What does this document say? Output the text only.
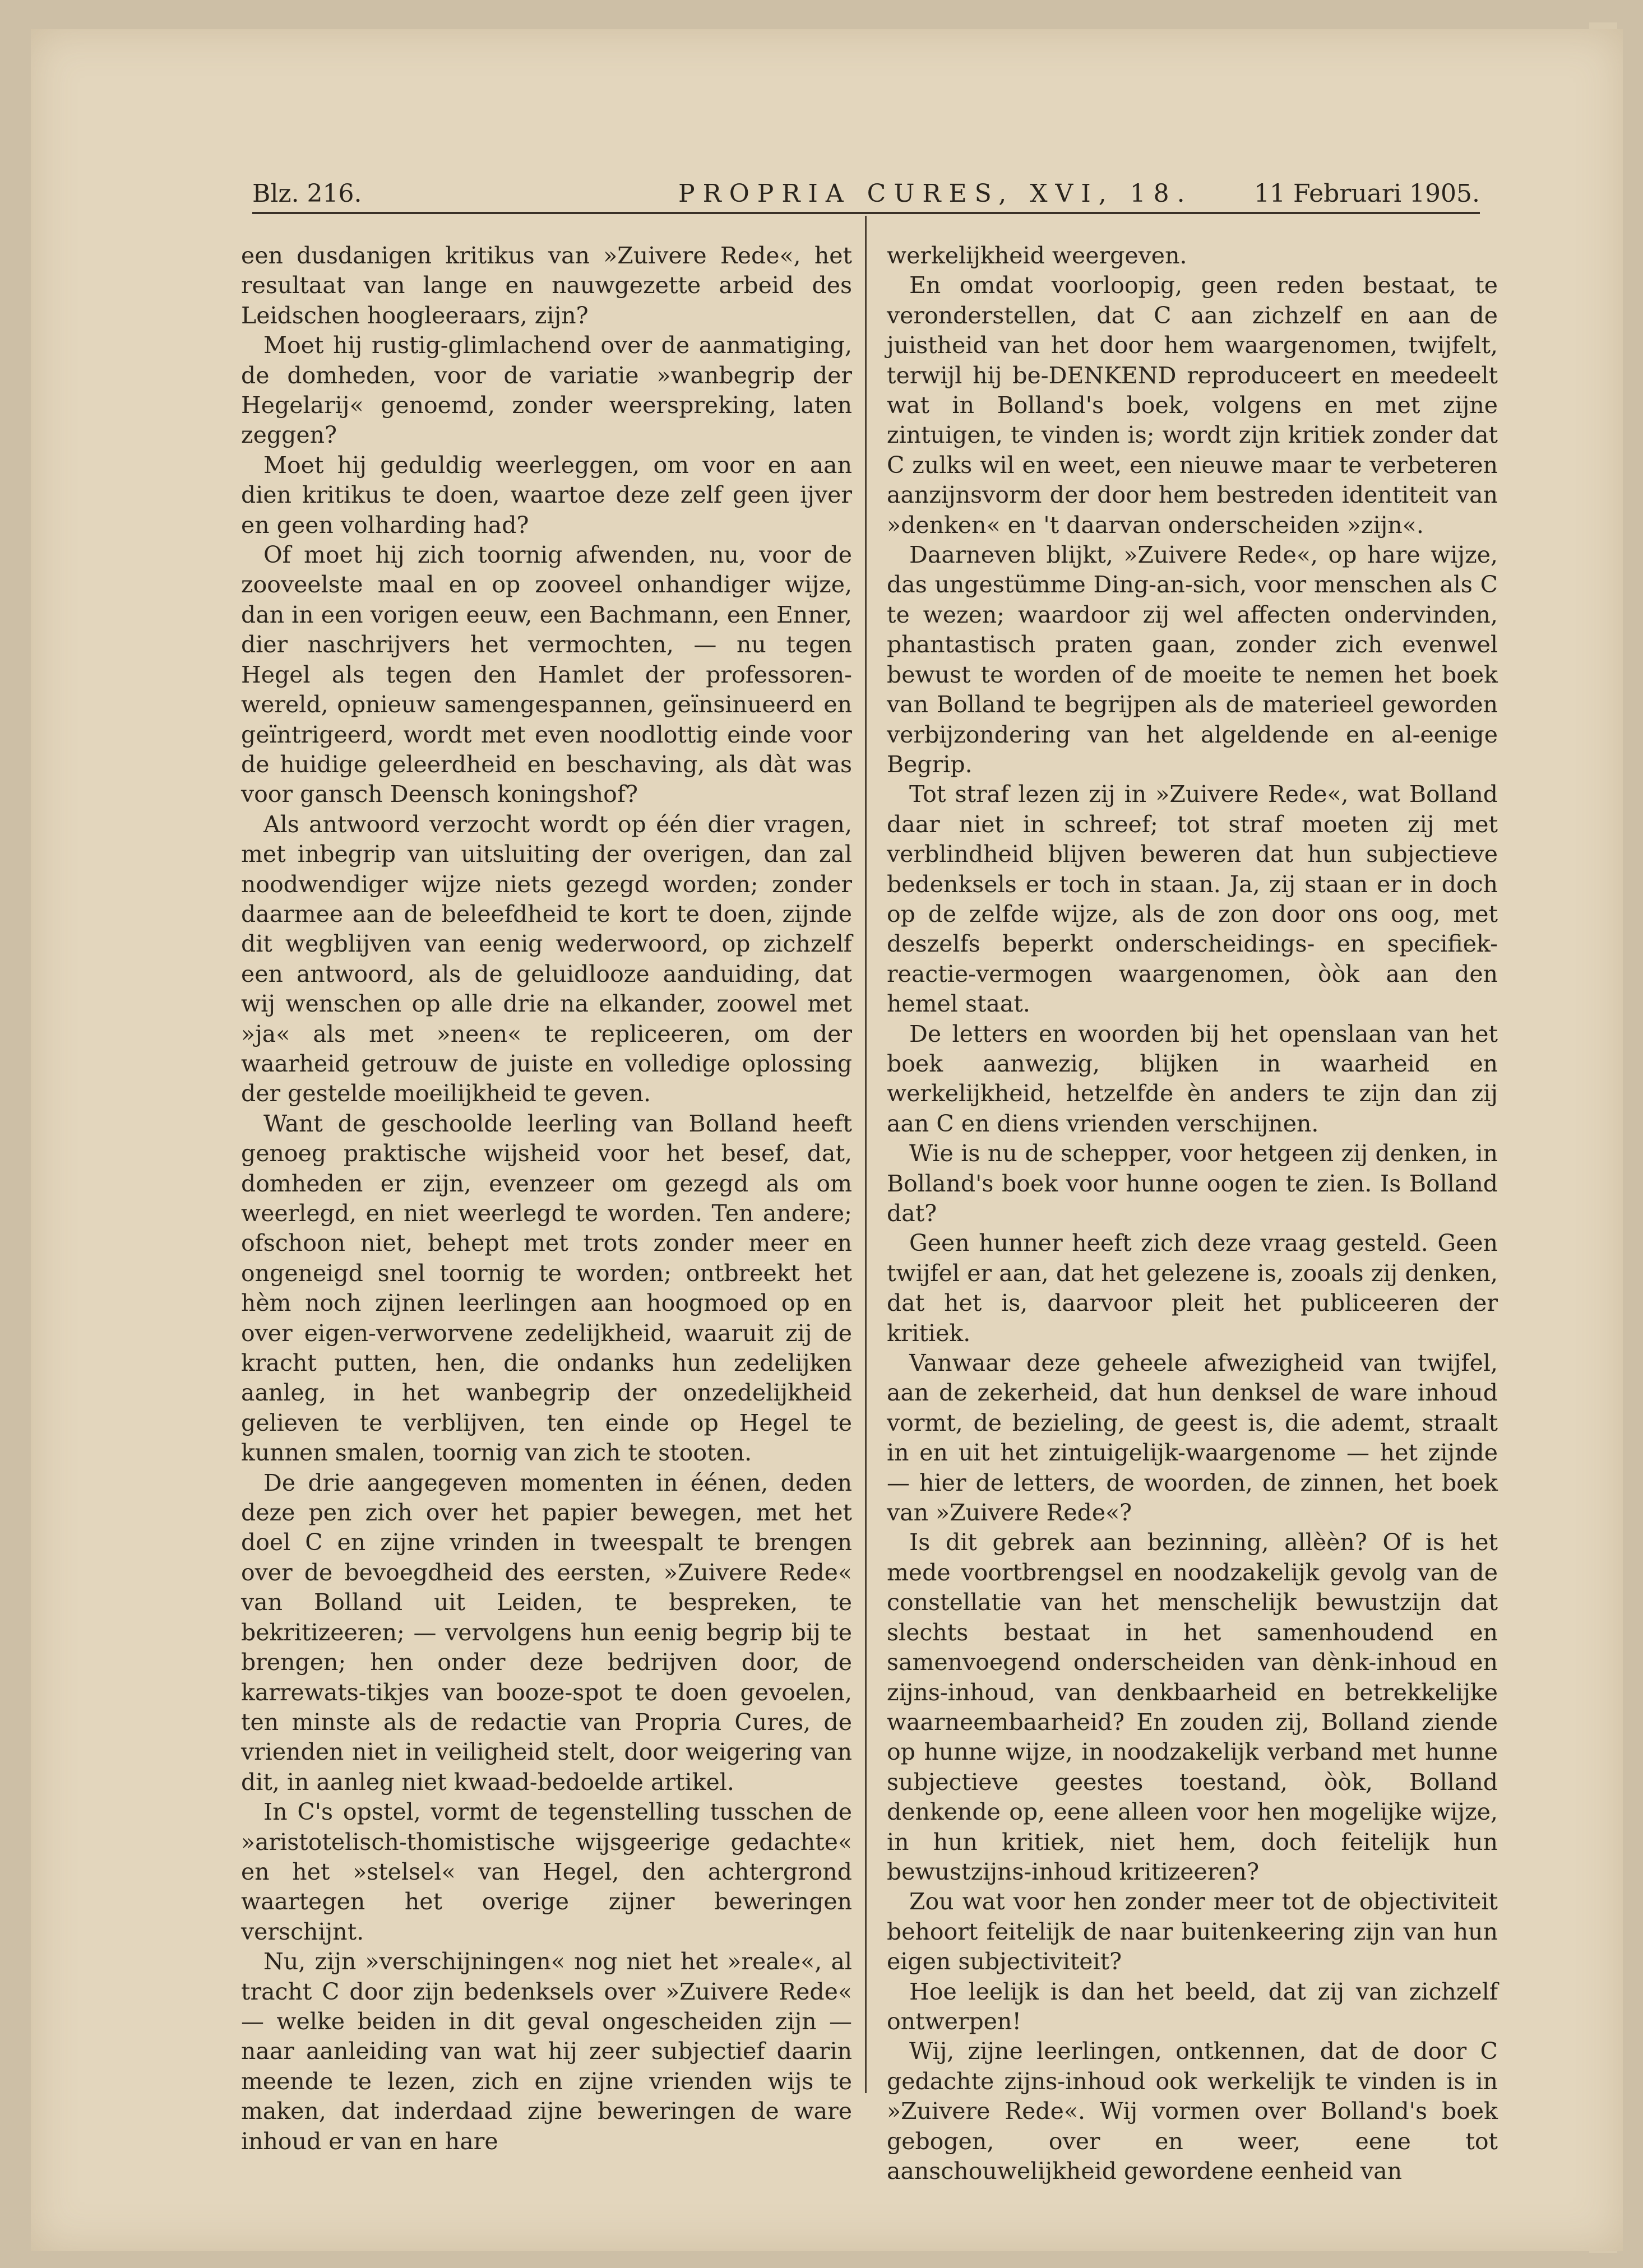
Blz. 216.	PROPRIA CURES, XVI, 18. 11 Februari 1905.

een dusdanigen kritikus van »Zuivere Rede«, het resultaat van lange en nauwgezette arbeid des Leidschen hoogleeraars, zijn?

Moet hij rustig-glimlachend over de aanmatiging, de domheden, voor de variatie »wanbegrip der Hegelarij« genoemd, zonder weerspreking, laten zeggen?

Moet hij geduldig weerleggen, om voor en aan dien kritikus te doen, waartoe deze zelf geen ijver en geen volharding had?

Of moet hij zich toornig afwenden, nu, voor de zooveelste maal en op zooveel onhandiger wijze, dan in een vorigen eeuw, een Bachmann, een Enner, dier naschrijvers het vermochten, — nu tegen Hegel als tegen den Hamlet der professoren-wereld, opnieuw samengespannen, geïnsinueerd en geïntrigeerd, wordt met even noodlottig einde voor de huidige geleerdheid en beschaving, als dàt was voor gansch Deensch koningshof?

Als antwoord verzocht wordt op één dier vragen, met inbegrip van uitsluiting der overigen, dan zal noodwendiger wijze niets gezegd worden; zonder daarmee aan de beleefdheid te kort te doen, zijnde dit wegblijven van eenig wederwoord, op zichzelf een antwoord, als de geluidlooze aanduiding, dat wij wenschen op alle drie na elkander, zoowel met »ja« als met »neen« te repliceeren, om der waarheid getrouw de juiste en volledige oplossing der gestelde moeilijkheid te geven.

Want de geschoolde leerling van Bolland heeft genoeg praktische wijsheid voor het besef, dat, domheden er zijn, evenzeer om gezegd als om weerlegd, en niet weerlegd te worden. Ten andere; ofschoon niet, behept met trots zonder meer en ongeneigd snel toornig te worden; ontbreekt het hèm noch zijnen leerlingen aan hoogmoed op en over eigen-verworvene zedelijkheid, waaruit zij de kracht putten, hen, die ondanks hun zedelijken aanleg, in het wanbegrip der onzedelijkheid gelieven te verblijven, ten einde op Hegel te kunnen smalen, toornig van zich te stooten.

De drie aangegeven momenten in éénen, deden deze pen zich over het papier bewegen, met het doel C en zijne vrinden in tweespalt te brengen over de bevoegdheid des eersten, »Zuivere Rede« van Bolland uit Leiden, te bespreken, te bekritizeeren; — vervolgens hun eenig begrip bij te brengen; hen onder deze bedrijven door, de karrewats-tikjes van booze-spot te doen gevoelen, ten minste als de redactie van Propria Cures, de vrienden niet in veiligheid stelt, door weigering van dit, in aanleg niet kwaad-bedoelde artikel.

In C's opstel, vormt de tegenstelling tusschen de »aristotelisch-thomistische wijsgeerige gedachte« en het »stelsel« van Hegel, den achtergrond waartegen het overige zijner beweringen verschijnt.

Nu, zijn »verschijningen« nog niet het »reale«, al tracht C door zijn bedenksels over »Zuivere Rede« — welke beiden in dit geval ongescheiden zijn — naar aanleiding van wat hij zeer subjectief daarin meende te lezen, zich en zijne vrienden wijs te maken, dat inderdaad zijne beweringen de ware inhoud er van en hare

werkelijkheid weergeven.

En omdat voorloopig, geen reden bestaat, te veronderstellen, dat C aan zichzelf en aan de juistheid van het door hem waargenomen, twijfelt, terwijl hij be-DENKEND reproduceert en meedeelt wat in Bolland's boek, volgens en met zijne zintuigen, te vinden is; wordt zijn kritiek zonder dat C zulks wil en weet, een nieuwe maar te verbeteren aanzijnsvorm der door hem bestreden identiteit van »denken« en 't daarvan onderscheiden »zijn«.

Daarneven blijkt, »Zuivere Rede«, op hare wijze, das ungestümme Ding-an-sich, voor menschen als C te wezen; waardoor zij wel affecten ondervinden, phantastisch praten gaan, zonder zich evenwel bewust te worden of de moeite te nemen het boek van Bolland te begrijpen als de materieel geworden verbijzondering van het algeldende en al-eenige Begrip.

Tot straf lezen zij in »Zuivere Rede«, wat Bolland daar niet in schreef; tot straf moeten zij met verblindheid blijven beweren dat hun subjectieve bedenksels er toch in staan. Ja, zij staan er in doch op de zelfde wijze, als de zon door ons oog, met deszelfs beperkt onderscheidings- en specifiek-reactie-vermogen waargenomen, òòk aan den hemel staat.

De letters en woorden bij het openslaan van het boek aanwezig, blijken in waarheid en werkelijkheid, hetzelfde èn anders te zijn dan zij aan C en diens vrienden verschijnen.

Wie is nu de schepper, voor hetgeen zij denken, in Bolland's boek voor hunne oogen te zien. Is Bolland dat?

Geen hunner heeft zich deze vraag gesteld. Geen twijfel er aan, dat het gelezene is, zooals zij denken, dat het is, daarvoor pleit het publiceeren der kritiek.

Vanwaar deze geheele afwezigheid van twijfel, aan de zekerheid, dat hun denksel de ware inhoud vormt, de bezieling, de geest is, die ademt, straalt in en uit het zintuigelijk-waargenome — het zijnde — hier de letters, de woorden, de zinnen, het boek van »Zuivere Rede«?

Is dit gebrek aan bezinning, allèèn? Of is het mede voortbrengsel en noodzakelijk gevolg van de constellatie van het menschelijk bewustzijn dat slechts bestaat in het samenhoudend en samenvoegend onderscheiden van dènk-inhoud en zijns-inhoud, van denkbaarheid en betrekkelijke waarneembaarheid? En zouden zij, Bolland ziende op hunne wijze, in noodzakelijk verband met hunne subjectieve geestes toestand, òòk, Bolland denkende op, eene alleen voor hen mogelijke wijze, in hun kritiek, niet hem, doch feitelijk hun bewustzijns-inhoud kritizeeren?

Zou wat voor hen zonder meer tot de objectiviteit behoort feitelijk de naar buitenkeering zijn van hun eigen subjectiviteit?

Hoe leelijk is dan het beeld, dat zij van zichzelf ontwerpen!

Wij, zijne leerlingen, ontkennen, dat de door C gedachte zijns-inhoud ook werkelijk te vinden is in »Zuivere Rede«. Wij vormen over Bolland's boek gebogen, over en weer, eene tot aanschouwelijkheid gewordene eenheid van
